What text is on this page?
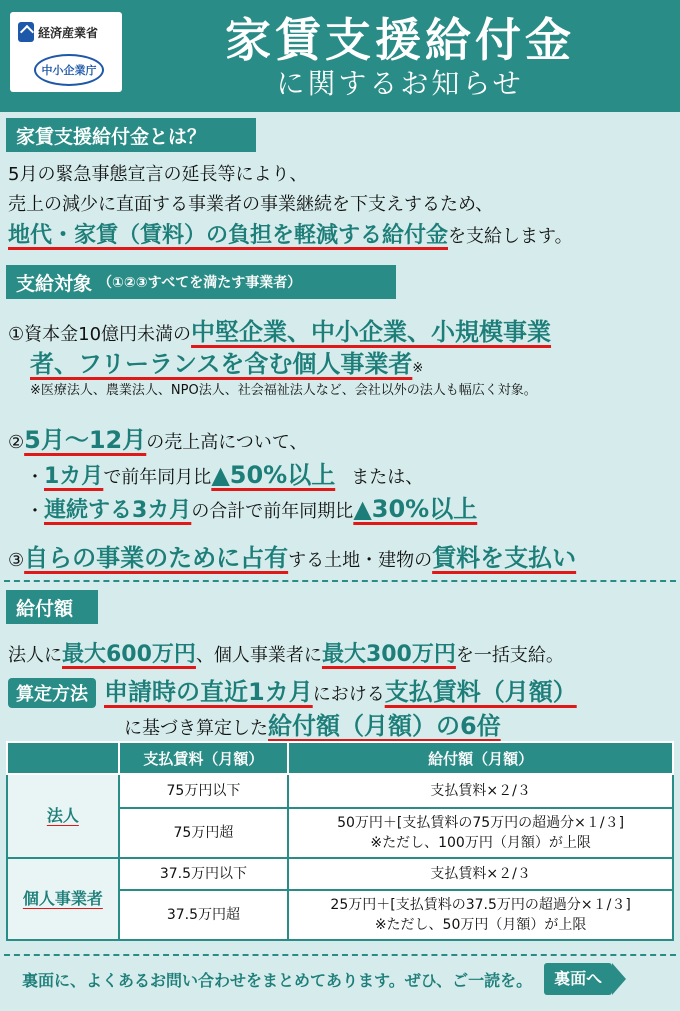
経済産業省
中小企業庁
家賃支援給付金
に関するお知らせ
家賃支援給付金とは？
5月の緊急事態宣言の延長等により、
売上の減少に直面する事業者の事業継続を下支えするため、
地代・家賃（賃料）の負担を軽減する給付金を支給します。
支給対象 （①②③すべてを満たす事業者）
①資本金10億円未満の中堅企業、中小企業、小規模事業
者、フリーランスを含む個人事業者※
※医療法人、農業法人、NPO法人、社会福祉法人など、会社以外の法人も幅広く対象。
②5月～12月の売上高について、
・1カ月で前年同月比▲50%以上 または、
・連続する3カ月の合計で前年同期比▲30%以上
③自らの事業のために占有する土地・建物の賃料を支払い
給付額
法人に最大600万円、個人事業者に最大300万円を一括支給。
算定方法 申請時の直近1カ月における支払賃料（月額）
に基づき算定した給付額（月額）の6倍
	支払賃料（月額）	給付額（月額）
法人	75万円以下	支払賃料×２/３
	75万円超	50万円＋[支払賃料の75万円の超過分×１/３]
※ただし、100万円（月額）が上限

個人事業者	37.5万円以下	支払賃料×２/３
	37.5万円超	25万円＋[支払賃料の37.5万円の超過分×１/３]
※ただし、50万円（月額）が上限
裏面に、よくあるお問い合わせをまとめてあります。ぜひ、ご一読を。	裏面へ
